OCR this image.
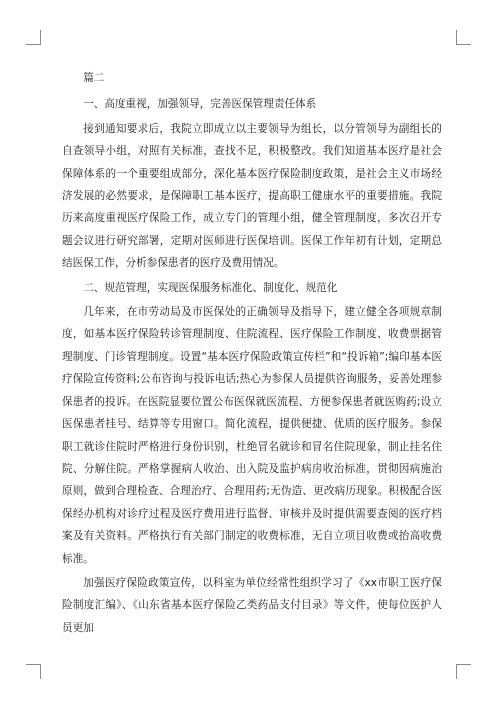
篇二

一、高度重视，加强领导，完善医保管理责任体系

接到通知要求后，我院立即成立以主要领导为组长，以分管领导为副组长的自查领导小组，对照有关标准，查找不足，积极整改。我们知道基本医疗是社会保障体系的一个重要组成部分，深化基本医疗保险制度政策，是社会主义市场经济发展的必然要求，是保障职工基本医疗，提高职工健康水平的重要措施。我院历来高度重视医疗保险工作，成立专门的管理小组，健全管理制度，多次召开专题会议进行研究部署，定期对医师进行医保培训。医保工作年初有计划，定期总结医保工作，分析参保患者的医疗及费用情况。

二、规范管理，实现医保服务标准化、制度化、规范化

几年来，在市劳动局及市医保处的正确领导及指导下，建立健全各项规章制度，如基本医疗保险转诊管理制度、住院流程、医疗保险工作制度、收费票据管理制度、门诊管理制度。设置“基本医疗保险政策宣传栏”和“投诉箱”;编印基本医疗保险宣传资料;公布咨询与投诉电话;热心为参保人员提供咨询服务，妥善处理参保患者的投诉。在医院显要位置公布医保就医流程、方便参保患者就医购药;设立医保患者挂号、结算等专用窗口。简化流程，提供便捷、优质的医疗服务。参保职工就诊住院时严格进行身份识别，杜绝冒名就诊和冒名住院现象，制止挂名住院、分解住院。严格掌握病人收治、出入院及监护病房收治标准，贯彻因病施治原则，做到合理检查、合理治疗、合理用药;无伪造、更改病历现象。积极配合医保经办机构对诊疗过程及医疗费用进行监督、审核并及时提供需要查阅的医疗档案及有关资料。严格执行有关部门制定的收费标准，无自立项目收费或抬高收费标准。

加强医疗保险政策宣传，以科室为单位经常性组织学习了《xx市职工医疗保险制度汇编》、《山东省基本医疗保险乙类药品支付目录》等文件，使每位医护人员更加
